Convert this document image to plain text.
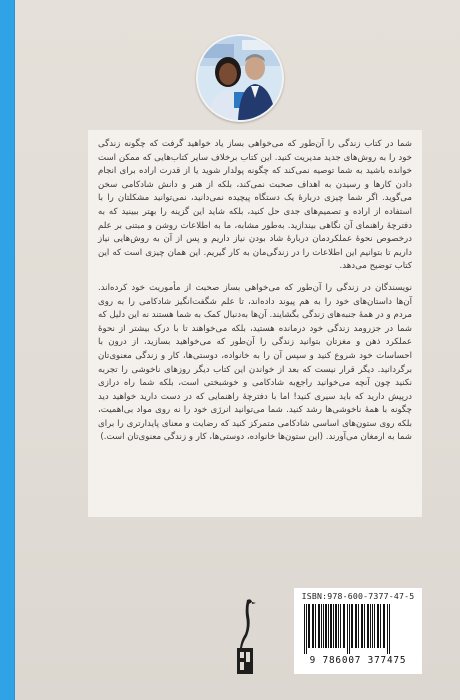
شما در کتاب زندگی را آن‌طور که می‌خواهی بساز یاد خواهید گرفت که چگونه زندگی خود را به روش‌های جدید مدیریت کنید. این کتاب برخلاف سایر کتاب‌هایی که ممکن است خوانده باشید به شما توصیه نمی‌کند که چگونه پولدار شوید یا از قدرت اراده برای انجام دادن کارها و رسیدن به اهداف صحبت نمی‌کند، بلکه از هنر و دانش شادکامی سخن می‌گوید. اگر شما چیزی دربارهٔ یک دستگاه پیچیده نمی‌دانید، نمی‌توانید مشکلتان را با استفاده از اراده و تصمیم‌های جدی حل کنید، بلکه شاید این گزینه را بهتر ببینید که به دفترچهٔ راهنمای آن نگاهی بیندازید. به‌طور مشابه، ما به اطلاعات روشن و مبتنی بر علم درخصوص نحوهٔ عملکردمان دربارهٔ شاد بودن نیاز داریم و پس از آن به روش‌هایی نیاز داریم تا بتوانیم این اطلاعات را در زندگی‌مان به کار گیریم. این همان چیزی است که این کتاب توضیح می‌دهد.

نویسندگان در زندگی را آن‌طور که می‌خواهی بساز صحبت از مأموریت خود کرده‌اند. آن‌ها داستان‌های خود را به هم پیوند داده‌اند، تا علم شگفت‌انگیز شادکامی را به روی مردم و در همهٔ جنبه‌های زندگی بگشایند. آن‌ها به‌دنبال کمک به شما هستند نه این دلیل که شما در جزرومد زندگی خود درمانده هستید، بلکه می‌خواهند تا با درک بیشتر از نحوهٔ عملکرد ذهن و مغزتان بتوانید زندگی را آن‌طور که می‌خواهید بسازید، از درون با احساسات خود شروع کنید و سپس آن را به خانواده، دوستی‌ها، کار و زندگی معنوی‌تان برگردانید. دیگر قرار نیست که بعد از خواندن این کتاب دیگر روزهای ناخوشی را تجربه نکنید چون آنچه می‌خوانید راجع‌به شادکامی و خوشبختی است، بلکه شما راه درازی درپیش دارید که باید سیری کنید! اما با دفترچهٔ راهنمایی که در دست دارید خواهید دید چگونه با همهٔ ناخوشی‌ها رشد کنید. شما می‌توانید انرژی خود را نه روی مواد بی‌اهمیت، بلکه روی ستون‌های اساسی شادکامی متمرکز کنید که رضایت و معنای پایدارتری را برای شما به ارمغان می‌آورند. (این ستون‌ها خانواده، دوستی‌ها، کار و زندگی معنوی‌تان است.)

ISBN:978-600-7377-47-5
9 786007 377475
